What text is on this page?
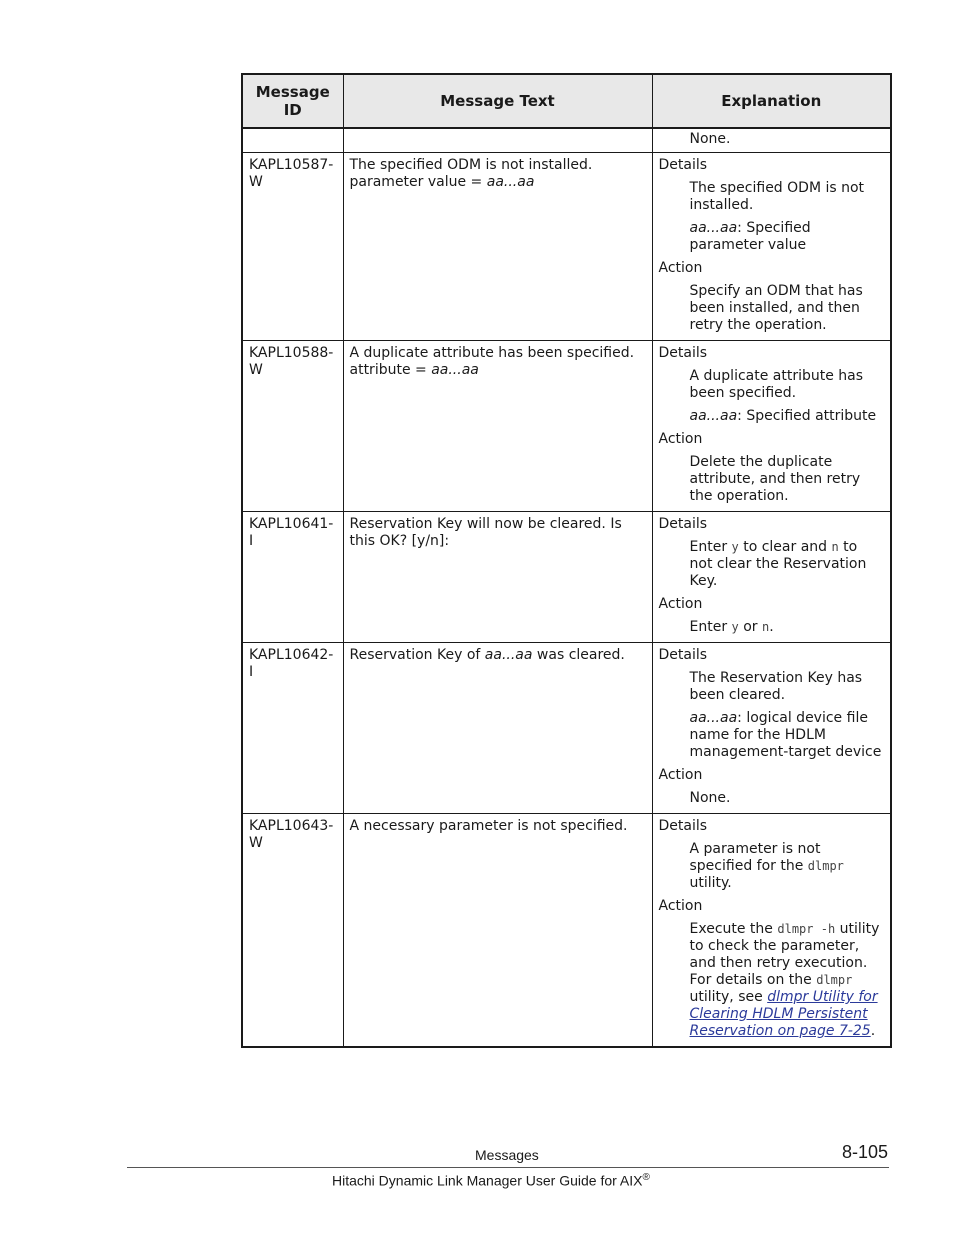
Message ID	Message Text	Explanation

		None.

KAPL10587-W	The specified ODM is not installed. parameter value = aa...aa	Details
The specified ODM is not installed.
aa...aa: Specified parameter value
Action
Specify an ODM that has been installed, and then retry the operation.

KAPL10588-W	A duplicate attribute has been specified. attribute = aa...aa	Details
A duplicate attribute has been specified.
aa...aa: Specified attribute
Action
Delete the duplicate attribute, and then retry the operation.

KAPL10641-I	Reservation Key will now be cleared. Is this OK? [y/n]:	Details
Enter y to clear and n to not clear the Reservation Key.
Action
Enter y or n.

KAPL10642-I	Reservation Key of aa...aa was cleared.	Details
The Reservation Key has been cleared.
aa...aa: logical device file name for the HDLM management-target device
Action
None.

KAPL10643-W	A necessary parameter is not specified.	Details
A parameter is not specified for the dlmpr utility.
Action
Execute the dlmpr -h utility to check the parameter, and then retry execution. For details on the dlmpr utility, see dlmpr Utility for Clearing HDLM Persistent Reservation on page 7-25.
Messages	8-105
Hitachi Dynamic Link Manager User Guide for AIX®
